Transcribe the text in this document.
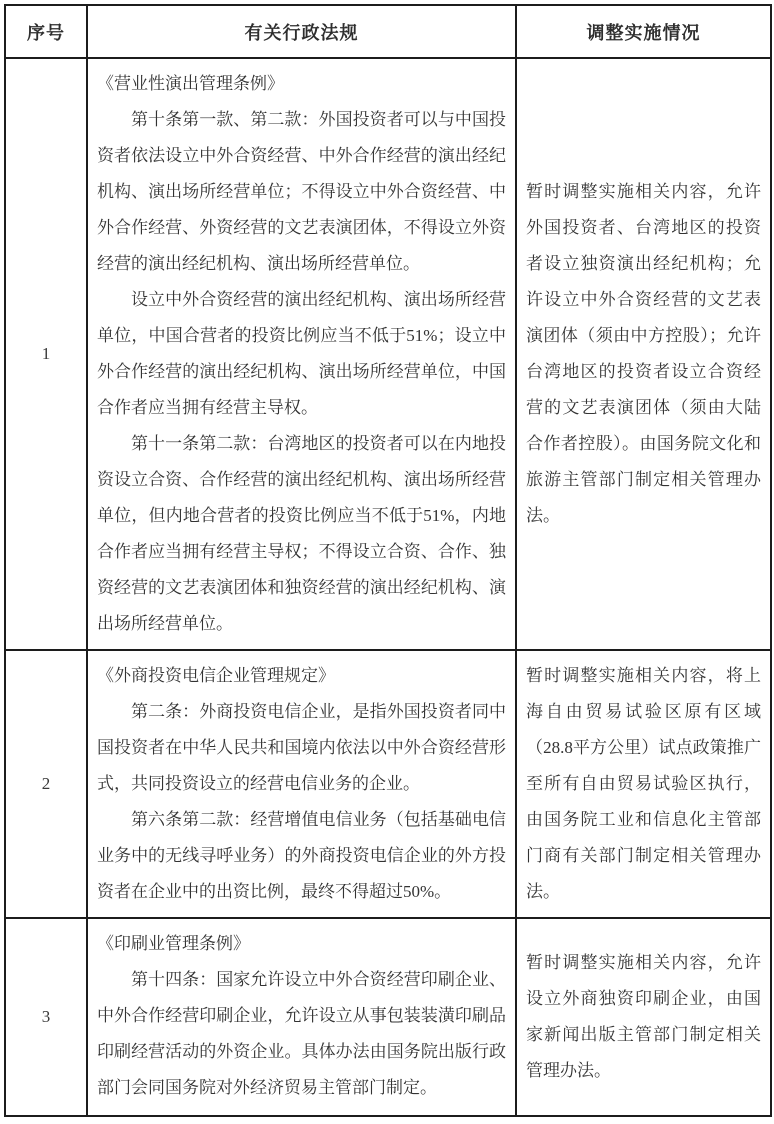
序号	有关行政法规	调整实施情况
1	《营业性演出管理条例》

第十条第一款、第二款：外国投资者可以与中国投资者依法设立中外合资经营、中外合作经营的演出经纪机构、演出场所经营单位；不得设立中外合资经营、中外合作经营、外资经营的文艺表演团体，不得设立外资经营的演出经纪机构、演出场所经营单位。

设立中外合资经营的演出经纪机构、演出场所经营单位，中国合营者的投资比例应当不低于51%；设立中外合作经营的演出经纪机构、演出场所经营单位，中国合作者应当拥有经营主导权。

第十一条第二款：台湾地区的投资者可以在内地投资设立合资、合作经营的演出经纪机构、演出场所经营单位，但内地合营者的投资比例应当不低于51%，内地合作者应当拥有经营主导权；不得设立合资、合作、独资经营的文艺表演团体和独资经营的演出经纪机构、演出场所经营单位。	暂时调整实施相关内容，允许外国投资者、台湾地区的投资者设立独资演出经纪机构；允许设立中外合资经营的文艺表演团体（须由中方控股）；允许台湾地区的投资者设立合资经营的文艺表演团体（须由大陆合作者控股）。由国务院文化和旅游主管部门制定相关管理办法。

2	《外商投资电信企业管理规定》

第二条：外商投资电信企业，是指外国投资者同中国投资者在中华人民共和国境内依法以中外合资经营形式，共同投资设立的经营电信业务的企业。

第六条第二款：经营增值电信业务（包括基础电信业务中的无线寻呼业务）的外商投资电信企业的外方投资者在企业中的出资比例，最终不得超过50%。	暂时调整实施相关内容，将上海自由贸易试验区原有区域（28.8平方公里）试点政策推广至所有自由贸易试验区执行，由国务院工业和信息化主管部门商有关部门制定相关管理办法。

3	《印刷业管理条例》

第十四条：国家允许设立中外合资经营印刷企业、中外合作经营印刷企业，允许设立从事包装装潢印刷品印刷经营活动的外资企业。具体办法由国务院出版行政部门会同国务院对外经济贸易主管部门制定。	暂时调整实施相关内容，允许设立外商独资印刷企业，由国家新闻出版主管部门制定相关管理办法。
